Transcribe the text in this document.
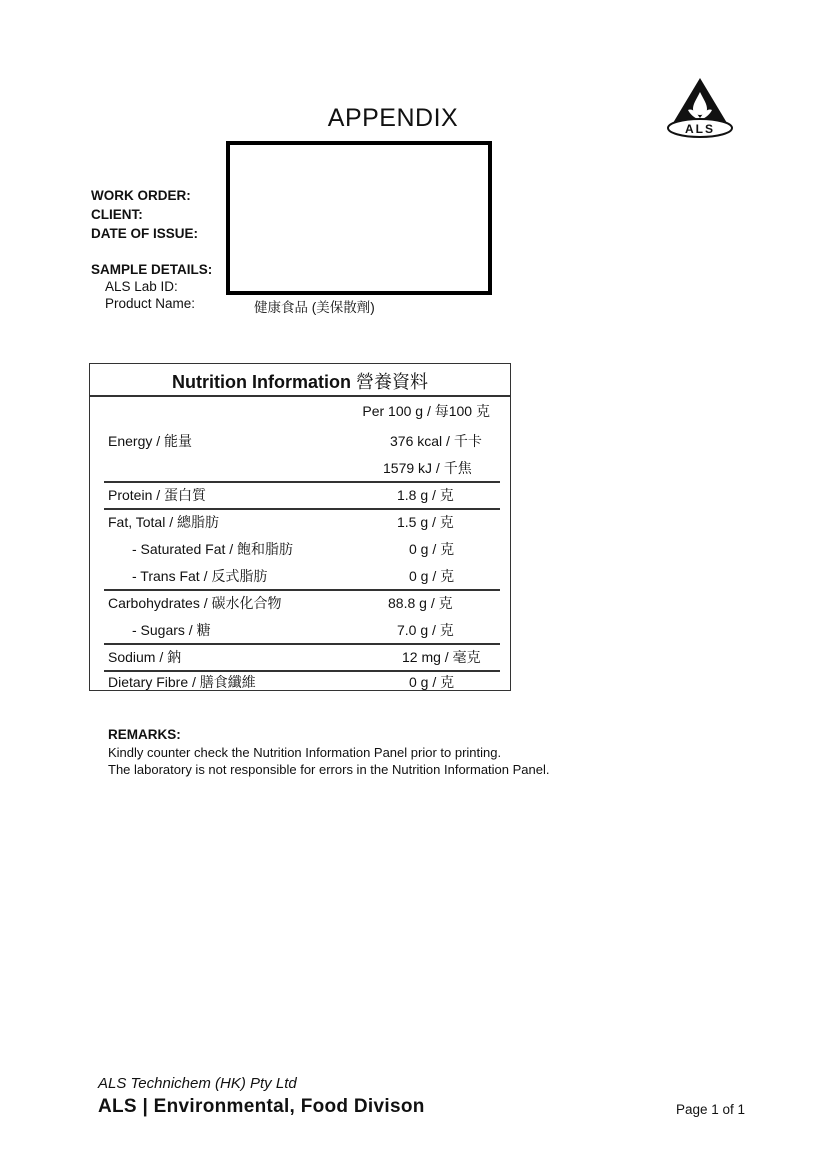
APPENDIX	ALS
WORK ORDER:
CLIENT:
DATE OF ISSUE:
SAMPLE DETAILS:
ALS Lab ID:
Product Name:	健康食品 (美保散劑)
Nutrition Information 營養資料
Per 100 g / 每100 克
Energy / 能量	376 kcal / 千卡
1579 kJ / 千焦
Protein / 蛋白質	1.8 g / 克
Fat, Total / 總脂肪	1.5 g / 克
- Saturated Fat / 飽和脂肪	0 g / 克
- Trans Fat / 反式脂肪	0 g / 克
Carbohydrates / 碳水化合物	88.8 g / 克
- Sugars / 糖	7.0 g / 克
Sodium / 鈉	12 mg / 毫克
Dietary Fibre / 膳食纖維	0 g / 克
REMARKS:
Kindly counter check the Nutrition Information Panel prior to printing.
The laboratory is not responsible for errors in the Nutrition Information Panel.
ALS Technichem (HK) Pty Ltd
ALS | Environmental, Food Divison	Page 1 of 1
